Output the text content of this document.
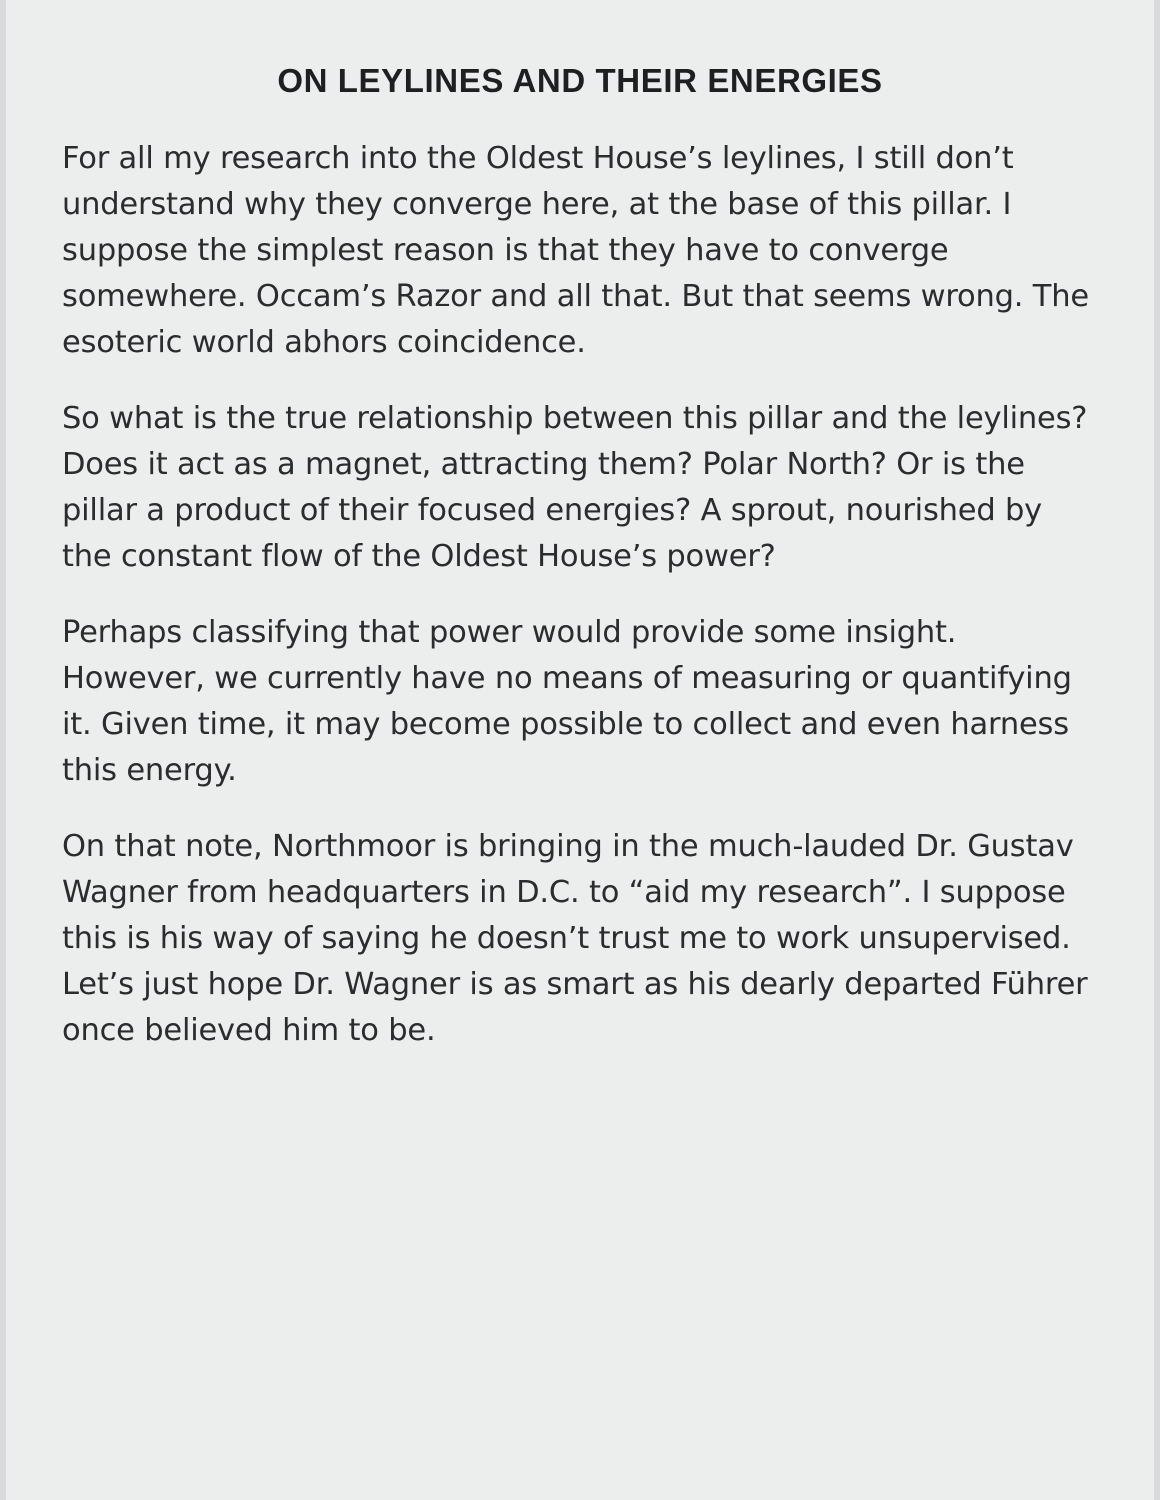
ON LEYLINES AND THEIR ENERGIES

For all my research into the Oldest House’s leylines, I still don’t understand why they converge here, at the base of this pillar. I suppose the simplest reason is that they have to converge somewhere. Occam’s Razor and all that. But that seems wrong. The esoteric world abhors coincidence.

So what is the true relationship between this pillar and the leylines? Does it act as a magnet, attracting them? Polar North? Or is the pillar a product of their focused energies? A sprout, nourished by the constant flow of the Oldest House’s power?

Perhaps classifying that power would provide some insight. However, we currently have no means of measuring or quantifying it. Given time, it may become possible to collect and even harness this energy.

On that note, Northmoor is bringing in the much-lauded Dr. Gustav Wagner from headquarters in D.C. to “aid my research”. I suppose this is his way of saying he doesn’t trust me to work unsupervised. Let’s just hope Dr. Wagner is as smart as his dearly departed Führer once believed him to be.
